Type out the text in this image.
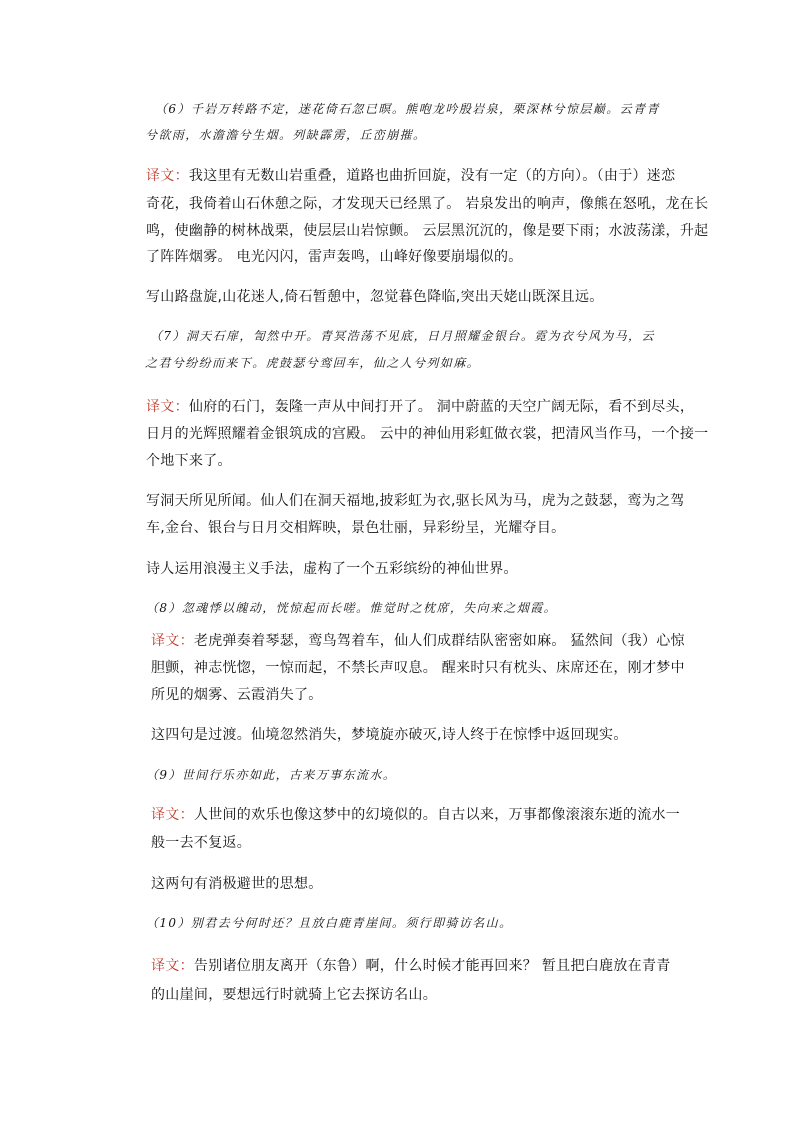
（6）千岩万转路不定，迷花倚石忽已暝。熊咆龙吟殷岩泉，栗深林兮惊层巅。云青青

兮欲雨，水澹澹兮生烟。列缺霹雳，丘峦崩摧。

译文：我这里有无数山岩重叠，道路也曲折回旋，没有一定（的方向）。（由于）迷恋

奇花，我倚着山石休憩之际，才发现天已经黑了。 岩泉发出的响声，像熊在怒吼，龙在长

鸣，使幽静的树林战栗，使层层山岩惊颤。 云层黑沉沉的，像是要下雨；水波荡漾，升起

了阵阵烟雾。 电光闪闪，雷声轰鸣，山峰好像要崩塌似的。

写山路盘旋,山花迷人,倚石暂憩中，忽觉暮色降临,突出天姥山既深且远。

（7）洞天石扉，訇然中开。青冥浩荡不见底，日月照耀金银台。霓为衣兮风为马，云

之君兮纷纷而来下。虎鼓瑟兮鸾回车，仙之人兮列如麻。

译文：仙府的石门，轰隆一声从中间打开了。 洞中蔚蓝的天空广阔无际，看不到尽头，

日月的光辉照耀着金银筑成的宫殿。 云中的神仙用彩虹做衣裳，把清风当作马，一个接一

个地下来了。

写洞天所见所闻。仙人们在洞天福地,披彩虹为衣,驱长风为马，虎为之鼓瑟，鸾为之驾

车,金台、银台与日月交相辉映，景色壮丽，异彩纷呈，光耀夺目。

诗人运用浪漫主义手法，虚构了一个五彩缤纷的神仙世界。

（8）忽魂悸以魄动，恍惊起而长嗟。惟觉时之枕席，失向来之烟霞。

译文：老虎弹奏着琴瑟，鸾鸟驾着车，仙人们成群结队密密如麻。 猛然间（我）心惊

胆颤，神志恍惚，一惊而起，不禁长声叹息。 醒来时只有枕头、床席还在，刚才梦中

所见的烟雾、云霞消失了。

这四句是过渡。仙境忽然消失，梦境旋亦破灭,诗人终于在惊悸中返回现实。

（9）世间行乐亦如此，古来万事东流水。

译文：人世间的欢乐也像这梦中的幻境似的。自古以来，万事都像滚滚东逝的流水一

般一去不复返。

这两句有消极避世的思想。

（10）别君去兮何时还？且放白鹿青崖间。须行即骑访名山。

译文：告别诸位朋友离开（东鲁）啊，什么时候才能再回来？ 暂且把白鹿放在青青

的山崖间，要想远行时就骑上它去探访名山。
